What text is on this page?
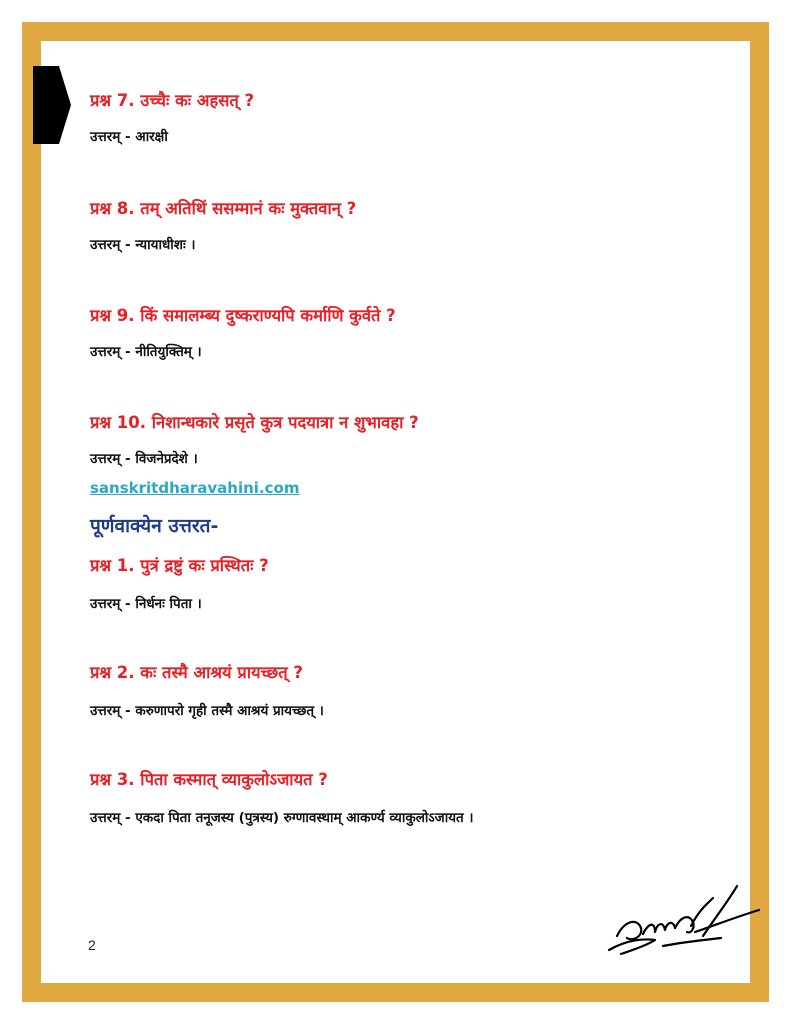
प्रश्न 7. उच्चैः कः अहसत् ?

उत्तरम् - आरक्षी

प्रश्न 8. तम् अतिथिं ससम्मानं कः मुक्तवान् ?

उत्तरम् - न्यायाधीशः ।

प्रश्न 9. किं समालम्ब्य दुष्कराण्यपि कर्माणि कुर्वते ?

उत्तरम् - नीतियुक्तिम् ।

प्रश्न 10. निशान्धकारे प्रसृते कुत्र पदयात्रा न शुभावहा ?

उत्तरम् - विजनेप्रदेशे ।

sanskritdharavahini.com

पूर्णवाक्येन उत्तरत-

प्रश्न 1. पुत्रं द्रष्टुं कः प्रस्थितः ?

उत्तरम् - निर्धनः पिता ।

प्रश्न 2. कः तस्मै आश्रयं प्रायच्छत् ?

उत्तरम् - करुणापरो गृही तस्मै आश्रयं प्रायच्छत् ।

प्रश्न 3. पिता कस्मात् व्याकुलोऽजायत ?

उत्तरम् - एकदा पिता तनूजस्य (पुत्रस्य) रुग्णावस्थाम् आकर्ण्य व्याकुलोऽजायत ।

2
